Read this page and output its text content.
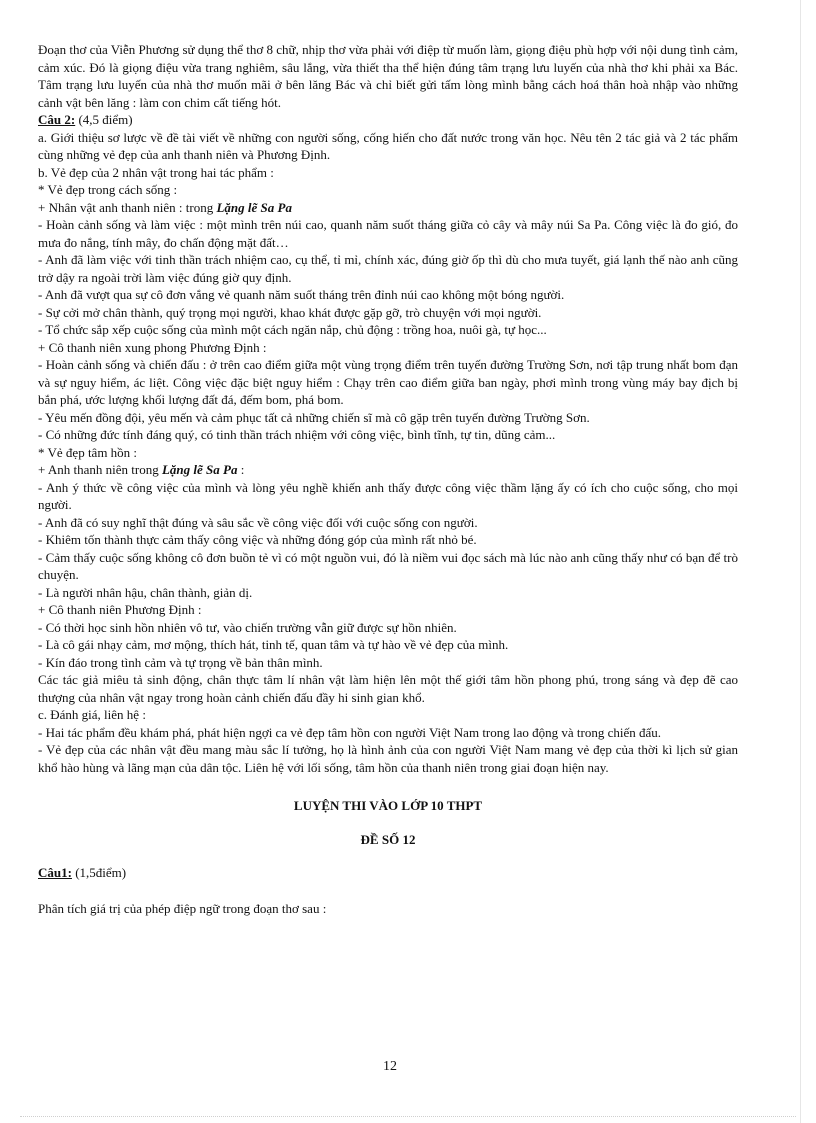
Đoạn thơ của Viễn Phương sử dụng thể thơ 8 chữ, nhịp thơ vừa phải với điệp từ muốn làm, giọng điệu phù hợp với nội dung tình cảm, cảm xúc. Đó là giọng điệu vừa trang nghiêm, sâu lắng, vừa thiết tha thể hiện đúng tâm trạng lưu luyến của nhà thơ khi phải xa Bác. Tâm trạng lưu luyến của nhà thơ muốn mãi ở bên lăng Bác và chỉ biết gửi tấm lòng mình bằng cách hoá thân hoà nhập vào những cảnh vật bên lăng : làm con chim cất tiếng hót.

Câu 2: (4,5 điểm)

a. Giới thiệu sơ lược về đề tài viết về những con người sống, cống hiến cho đất nước trong văn học. Nêu tên 2 tác giả và 2 tác phẩm cùng những vẻ đẹp của anh thanh niên và Phương Định.

b. Vẻ đẹp của 2 nhân vật trong hai tác phẩm :

* Vẻ đẹp trong cách sống :

+ Nhân vật anh thanh niên : trong Lặng lẽ Sa Pa

- Hoàn cảnh sống và làm việc : một mình trên núi cao, quanh năm suốt tháng giữa cỏ cây và mây núi Sa Pa. Công việc là đo gió, đo mưa đo nắng, tính mây, đo chấn động mặt đất…

- Anh đã làm việc với tinh thần trách nhiệm cao, cụ thể, tỉ mỉ, chính xác, đúng giờ ốp thì dù cho mưa tuyết, giá lạnh thế nào anh cũng trở dậy ra ngoài trời làm việc đúng giờ quy định.

- Anh đã vượt qua sự cô đơn vắng vẻ quanh năm suốt tháng trên đỉnh núi cao không một bóng người.

- Sự cởi mở chân thành, quý trọng mọi người, khao khát được gặp gỡ, trò chuyện với mọi người.

- Tổ chức sắp xếp cuộc sống của mình một cách ngăn nắp, chủ động : trồng hoa, nuôi gà, tự học...

+ Cô thanh niên xung phong Phương Định :

- Hoàn cảnh sống và chiến đấu : ở trên cao điểm giữa một vùng trọng điểm trên tuyến đường Trường Sơn, nơi tập trung nhất bom đạn và sự nguy hiểm, ác liệt. Công việc đặc biệt nguy hiểm : Chạy trên cao điểm giữa ban ngày, phơi mình trong vùng máy bay địch bị bắn phá, ước lượng khối lượng đất đá, đếm bom, phá bom.

- Yêu mến đồng đội, yêu mến và cảm phục tất cả những chiến sĩ mà cô gặp trên tuyến đường Trường Sơn.

- Có những đức tính đáng quý, có tinh thần trách nhiệm với công việc, bình tĩnh, tự tin, dũng cảm...

* Vẻ đẹp tâm hồn :

+ Anh thanh niên trong Lặng lẽ Sa Pa :

- Anh ý thức về công việc của mình và lòng yêu nghề khiến anh thấy được công việc thầm lặng ấy có ích cho cuộc sống, cho mọi người.

- Anh đã có suy nghĩ thật đúng và sâu sắc về công việc đối với cuộc sống con người.

- Khiêm tốn thành thực cảm thấy công việc và những đóng góp của mình rất nhỏ bé.

- Cảm thấy cuộc sống không cô đơn buồn tẻ vì có một nguồn vui, đó là niềm vui đọc sách mà lúc nào anh cũng thấy như có bạn để trò chuyện.

- Là người nhân hậu, chân thành, giản dị.

+ Cô thanh niên Phương Định :

- Có thời học sinh hồn nhiên vô tư, vào chiến trường vẫn giữ được sự hồn nhiên.

- Là cô gái nhạy cảm, mơ mộng, thích hát, tinh tế, quan tâm và tự hào về vẻ đẹp của mình.

- Kín đáo trong tình cảm và tự trọng về bản thân mình.

Các tác giả miêu tả sinh động, chân thực tâm lí nhân vật làm hiện lên một thế giới tâm hồn phong phú, trong sáng và đẹp đẽ cao thượng của nhân vật ngay trong hoàn cảnh chiến đấu đầy hi sinh gian khổ.

c. Đánh giá, liên hệ :

- Hai tác phẩm đều khám phá, phát hiện ngợi ca vẻ đẹp tâm hồn con người Việt Nam trong lao động và trong chiến đấu.

- Vẻ đẹp của các nhân vật đều mang màu sắc lí tưởng, họ là hình ảnh của con người Việt Nam mang vẻ đẹp của thời kì lịch sử gian khổ hào hùng và lãng mạn của dân tộc. Liên hệ với lối sống, tâm hồn của thanh niên trong giai đoạn hiện nay.

LUYỆN THI VÀO LỚP 10 THPT

ĐỀ SỐ 12

Câu1: (1,5điểm)

Phân tích giá trị của phép điệp ngữ trong đoạn thơ sau :

12
